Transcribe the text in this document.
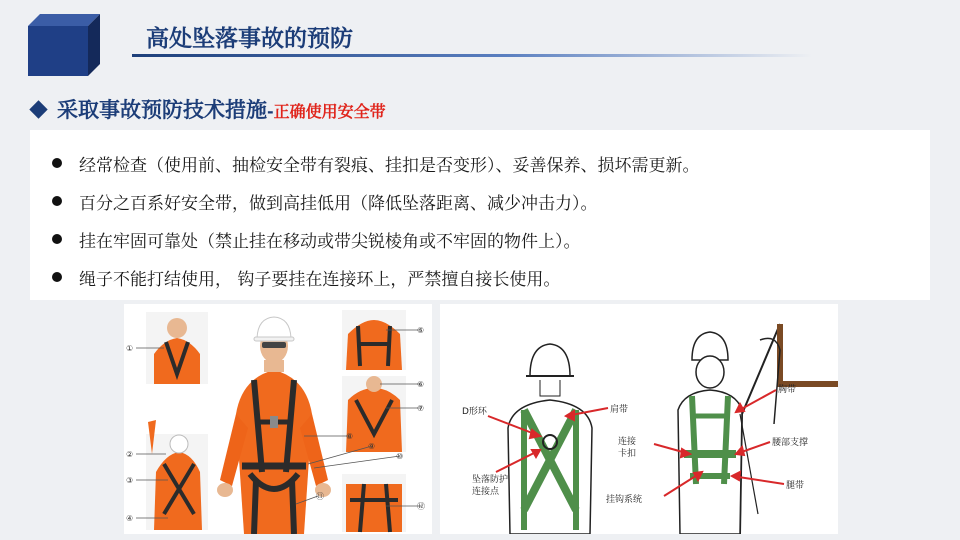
高处坠落事故的预防
采取事故预防技术措施 - 正确使用安全带
经常检查（使用前、抽检安全带有裂痕、挂扣是否变形）、妥善保养、损坏需更新。
百分之百系好安全带，做到高挂低用（降低坠落距离、减少冲击力）。
挂在牢固可靠处（禁止挂在移动或带尖锐棱角或不牢固的物件上）。
绳子不能打结使用， 钩子要挂在连接环上，严禁擅自接长使用。
①
②
③
④
⑤
⑥
⑦
⑧
⑨
⑩
⑪
⑫
D形环	肩带
坠落防护
连接点
连接
卡扣
挂钩系统
胸带
腰部支撑
腿带
